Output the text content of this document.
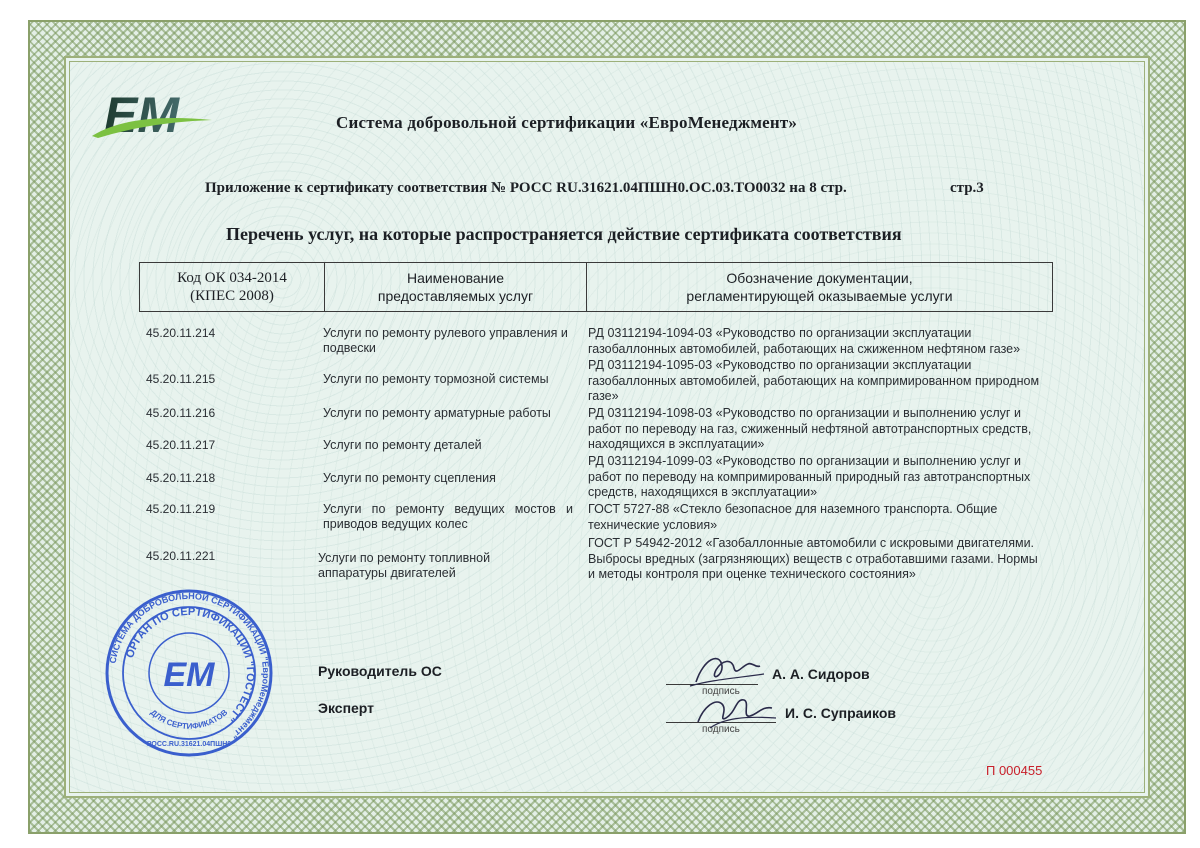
EM	Система добровольной сертификации «ЕвроМенеджмент»
Приложение к сертификату соответствия № РОСС RU.31621.04ПШН0.ОС.03.ТО0032 на 8 стр.	стр.3
Перечень услуг, на которые распространяется действие сертификата соответствия
Код ОК 034-2014
(КПЕС 2008)
Наименование
предоставляемых услуг
Обозначение документации,
регламентирующей оказываемые услуги
45.20.11.214
45.20.11.215
45.20.11.216
45.20.11.217
45.20.11.218
45.20.11.219
45.20.11.221
Услуги по ремонту рулевого управления и подвески
Услуги по ремонту тормозной системы
Услуги по ремонту арматурные работы
Услуги по ремонту деталей
Услуги по ремонту сцепления
Услуги по ремонту ведущих мостов и приводов ведущих колес
Услуги по ремонту топливной аппаратуры двигателей
РД 03112194-1094-03 «Руководство по организации эксплуатации газобаллонных автомобилей, работающих на сжиженном нефтяном газе»
РД 03112194-1095-03 «Руководство по организации эксплуатации газобаллонных автомобилей, работающих на компримированном природном газе»
РД 03112194-1098-03 «Руководство по организации и выполнению услуг и работ по переводу на газ, сжиженный нефтяной автотранспортных средств, находящихся в эксплуатации»
РД 03112194-1099-03 «Руководство по организации и выполнению услуг и работ по переводу на компримированный природный газ автотранспортных средств, находящихся в эксплуатации»
ГОСТ 5727-88 «Стекло безопасное для наземного транспорта. Общие технические условия»
ГОСТ Р 54942-2012 «Газобаллонные автомобили с искровыми двигателями. Выбросы вредных (загрязняющих) веществ с отработавшими газами. Нормы и методы контроля при оценке технического состояния»
СИСТЕМА ДОБРОВОЛЬНОЙ СЕРТИФИКАЦИИ "ЕвроМенеджмент"
ОРГАН ПО СЕРТИФИКАЦИИ "ГОСТЕСТ"
ДЛЯ СЕРТИФИКАТОВ
EM
РОСС.RU.31621.04ПШН0
Руководитель ОС
подпись
А. А. Сидоров
Эксперт
подпись
И. С. Супраиков
П 000455
